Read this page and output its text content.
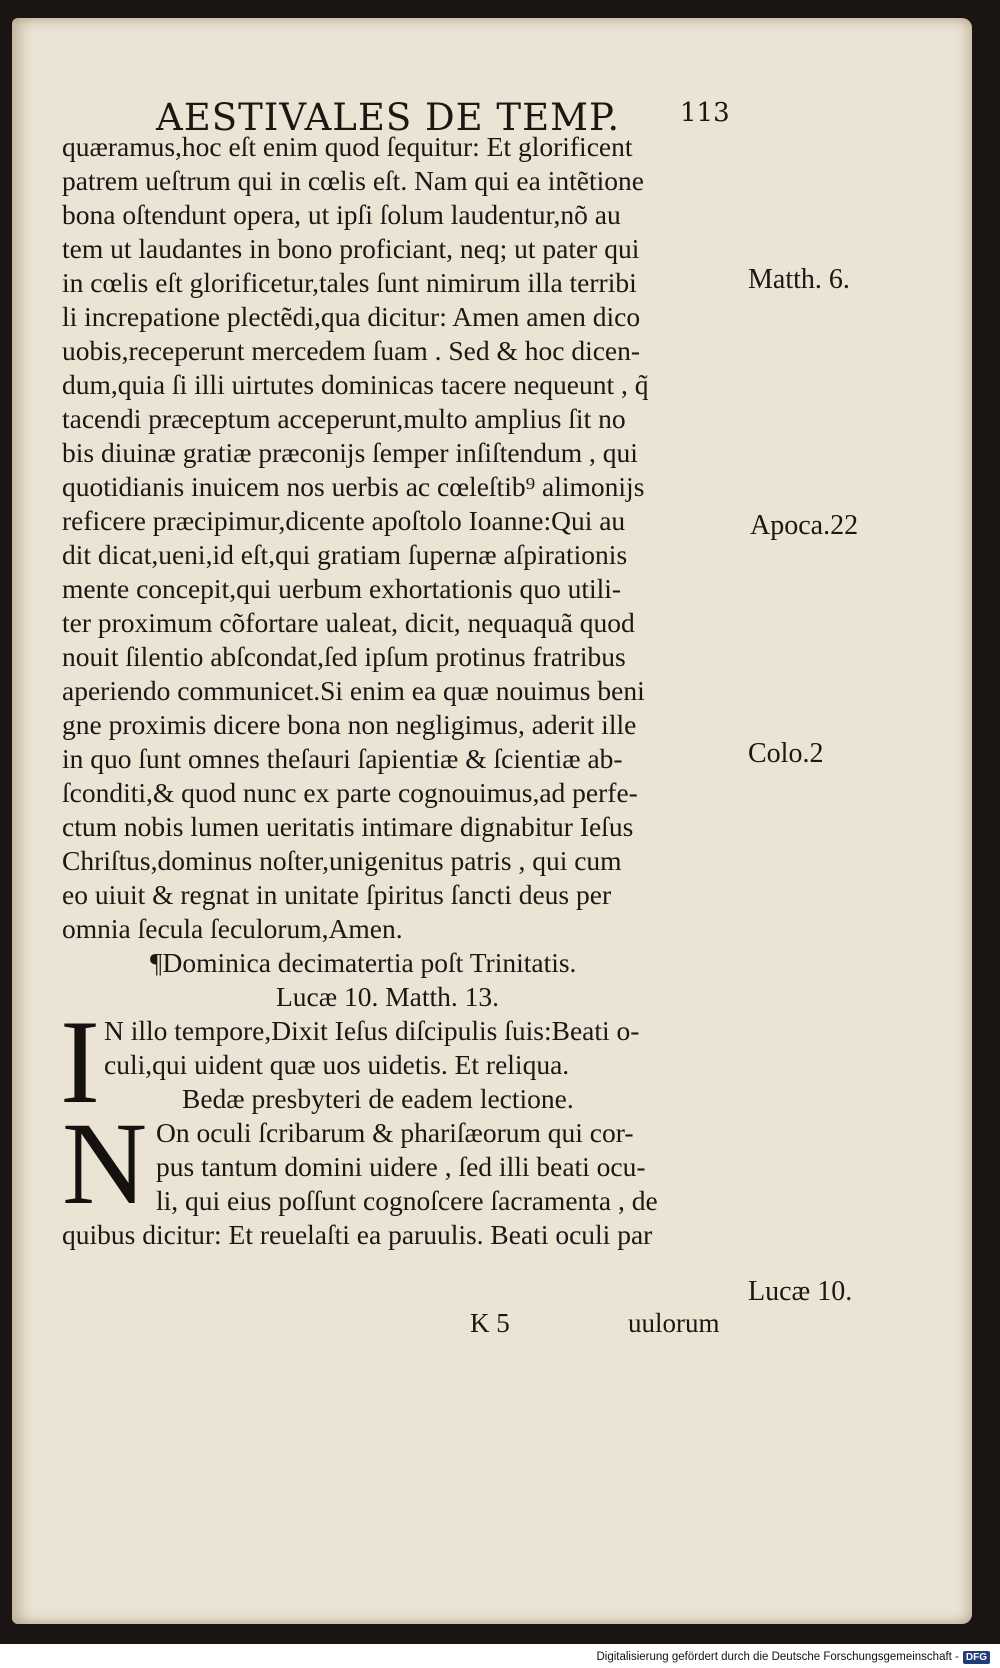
AESTIVALES DE TEMP. 113
quæramus,hoc eſt enim quod ſequitur: Et glorificent
patrem ueſtrum qui in cœlis eſt. Nam qui ea intẽtione
bona oſtendunt opera, ut ipſi ſolum laudentur,nõ au
tem ut laudantes in bono proficiant, neq; ut pater qui
in cœlis eſt glorificetur,tales ſunt nimirum illa terribi
li increpatione plectẽdi,qua dicitur: Amen amen dico
uobis,receperunt mercedem ſuam . Sed & hoc dicen-
dum,quia ſi illi uirtutes dominicas tacere nequeunt , q̃
tacendi præceptum acceperunt,multo amplius ſit no
bis diuinæ gratiæ præconijs ſemper inſiſtendum , qui
quotidianis inuicem nos uerbis ac cœleſtib⁹ alimonijs
reficere præcipimur,dicente apoſtolo Ioanne:Qui au
dit dicat,ueni,id eſt,qui gratiam ſupernæ aſpirationis
mente concepit,qui uerbum exhortationis quo utili-
ter proximum cõfortare ualeat, dicit, nequaquã quod
nouit ſilentio abſcondat,ſed ipſum protinus fratribus
aperiendo communicet.Si enim ea quæ nouimus beni
gne proximis dicere bona non negligimus, aderit ille
in quo ſunt omnes theſauri ſapientiæ & ſcientiæ ab-
ſconditi,& quod nunc ex parte cognouimus,ad perfe-
ctum nobis lumen ueritatis intimare dignabitur Ieſus
Chriſtus,dominus noſter,unigenitus patris , qui cum
eo uiuit & regnat in unitate ſpiritus ſancti deus per
omnia ſecula ſeculorum,Amen.
¶Dominica decimatertia poſt Trinitatis.
Lucæ 10. Matth. 13.
I N illo tempore,Dixit Ieſus diſcipulis ſuis:Beati o-
culi,qui uident quæ uos uidetis. Et reliqua.
Bedæ presbyteri de eadem lectione.
N On oculi ſcribarum & phariſæorum qui cor-
pus tantum domini uidere , ſed illi beati ocu-
li, qui eius poſſunt cognoſcere ſacramenta , de
quibus dicitur: Et reuelaſti ea paruulis. Beati oculi par
K 5	uulorum
Matth. 6.
Apoca.22
Colo.2
Lucæ 10.
Digitalisierung gefördert durch die Deutsche Forschungsgemeinschaft - DFG
